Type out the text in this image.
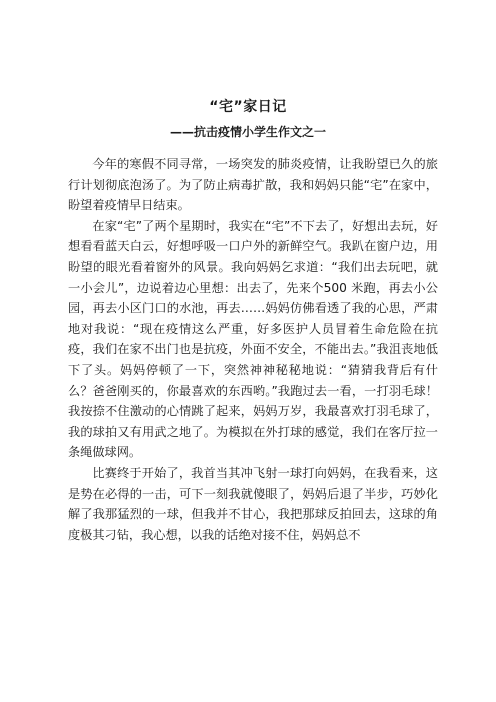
“宅”家日记
——抗击疫情小学生作文之一

今年的寒假不同寻常，一场突发的肺炎疫情，让我盼望已久的旅行计划彻底泡汤了。为了防止病毒扩散，我和妈妈只能“宅”在家中，盼望着疫情早日结束。

在家“宅”了两个星期时，我实在“宅”不下去了，好想出去玩，好想看看蓝天白云，好想呼吸一口户外的新鲜空气。我趴在窗户边，用盼望的眼光看着窗外的风景。我向妈妈乞求道：“我们出去玩吧，就一小会儿”，边说着边心里想：出去了，先来个500 米跑，再去小公园，再去小区门口的水池，再去……妈妈仿佛看透了我的心思，严肃地对我说：“现在疫情这么严重，好多医护人员冒着生命危险在抗疫，我们在家不出门也是抗疫，外面不安全，不能出去。”我沮丧地低下了头。妈妈停顿了一下，突然神神秘秘地说：“猜猜我背后有什么？爸爸刚买的，你最喜欢的东西哟。”我跑过去一看，一打羽毛球！我按捺不住激动的心情跳了起来，妈妈万岁，我最喜欢打羽毛球了，我的球拍又有用武之地了。为模拟在外打球的感觉，我们在客厅拉一条绳做球网。

比赛终于开始了，我首当其冲飞射一球打向妈妈，在我看来，这是势在必得的一击，可下一刻我就傻眼了，妈妈后退了半步，巧妙化解了我那猛烈的一球，但我并不甘心，我把那球反拍回去，这球的角度极其刁钻，我心想，以我的话绝对接不住，妈妈总不
